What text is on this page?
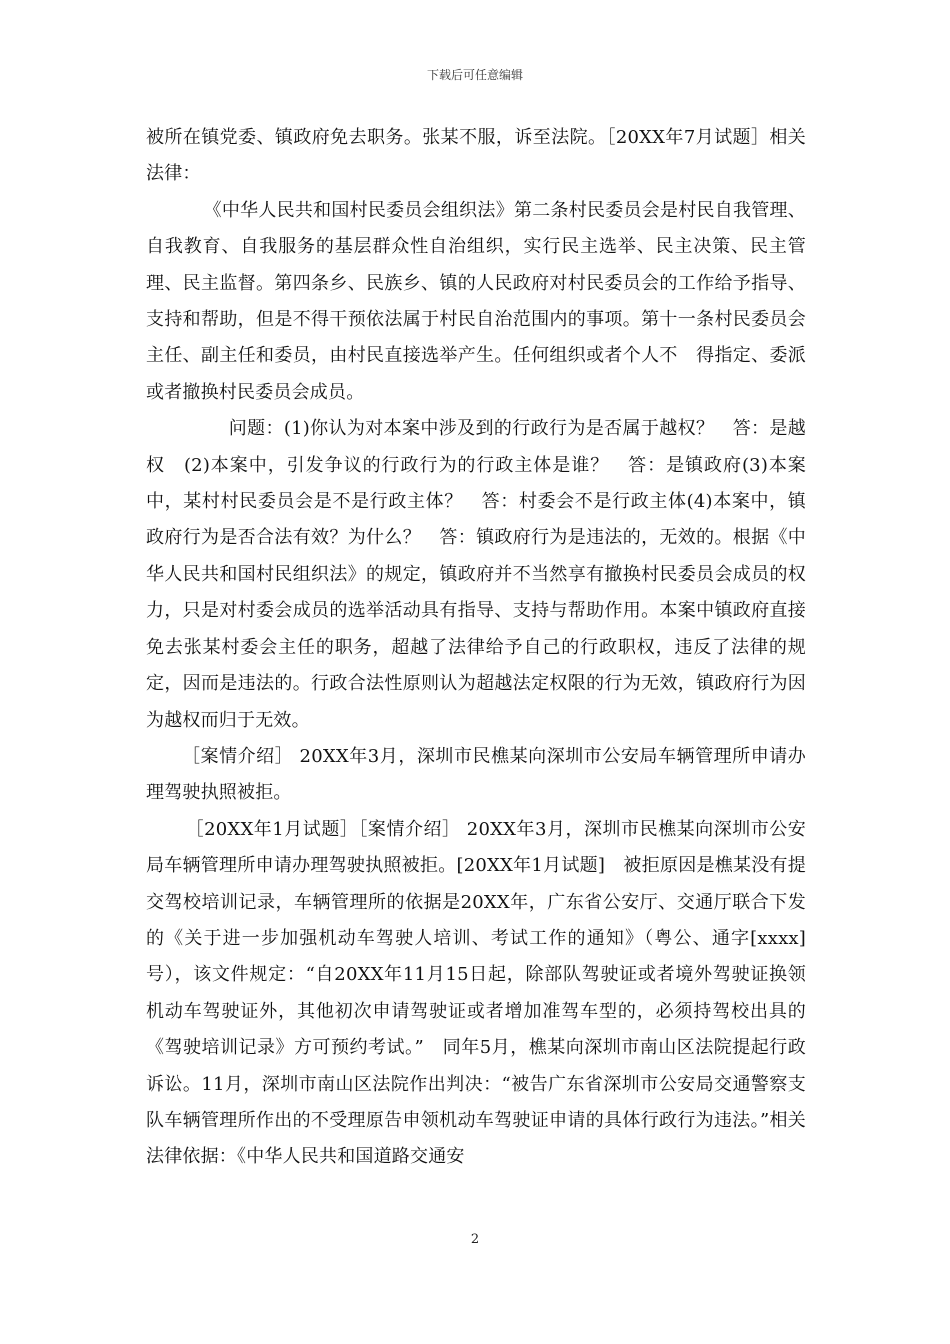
下载后可任意编辑

被所在镇党委、镇政府免去职务。张某不服，诉至法院。［20XX年7月试题］相关法律：

《中华人民共和国村民委员会组织法》第二条村民委员会是村民自我管理、自我教育、自我服务的基层群众性自治组织，实行民主选举、民主决策、民主管理、民主监督。第四条乡、民族乡、镇的人民政府对村民委员会的工作给予指导、支持和帮助，但是不得干预依法属于村民自治范围内的事项。第十一条村民委员会主任、副主任和委员，由村民直接选举产生。任何组织或者个人不　得指定、委派或者撤换村民委员会成员。

问题：(1)你认为对本案中涉及到的行政行为是否属于越权？　答：是越权　(2)本案中，引发争议的行政行为的行政主体是谁？　答：是镇政府(3)本案中，某村村民委员会是不是行政主体？　答：村委会不是行政主体(4)本案中，镇政府行为是否合法有效？为什么？　答：镇政府行为是违法的，无效的。根据《中华人民共和国村民组织法》的规定，镇政府并不当然享有撤换村民委员会成员的权力，只是对村委会成员的选举活动具有指导、支持与帮助作用。本案中镇政府直接免去张某村委会主任的职务，超越了法律给予自己的行政职权，违反了法律的规定，因而是违法的。行政合法性原则认为超越法定权限的行为无效，镇政府行为因为越权而归于无效。

［案情介绍］ 20XX年3月，深圳市民樵某向深圳市公安局车辆管理所申请办理驾驶执照被拒。

［20XX年1月试题］［案情介绍］ 20XX年3月，深圳市民樵某向深圳市公安局车辆管理所申请办理驾驶执照被拒。[20XX年1月试题]　被拒原因是樵某没有提交驾校培训记录，车辆管理所的依据是20XX年，广东省公安厅、交通厅联合下发的《关于进一步加强机动车驾驶人培训、考试工作的通知》（粤公、通字[xxxx]号），该文件规定：“自20XX年11月15日起，除部队驾驶证或者境外驾驶证换领机动车驾驶证外，其他初次申请驾驶证或者增加准驾车型的，必须持驾校出具的《驾驶培训记录》方可预约考试。”　同年5月，樵某向深圳市南山区法院提起行政诉讼。11月，深圳市南山区法院作出判决：“被告广东省深圳市公安局交通警察支队车辆管理所作出的不受理原告申领机动车驾驶证申请的具体行政行为违法。”相关法律依据：《中华人民共和国道路交通安

2
